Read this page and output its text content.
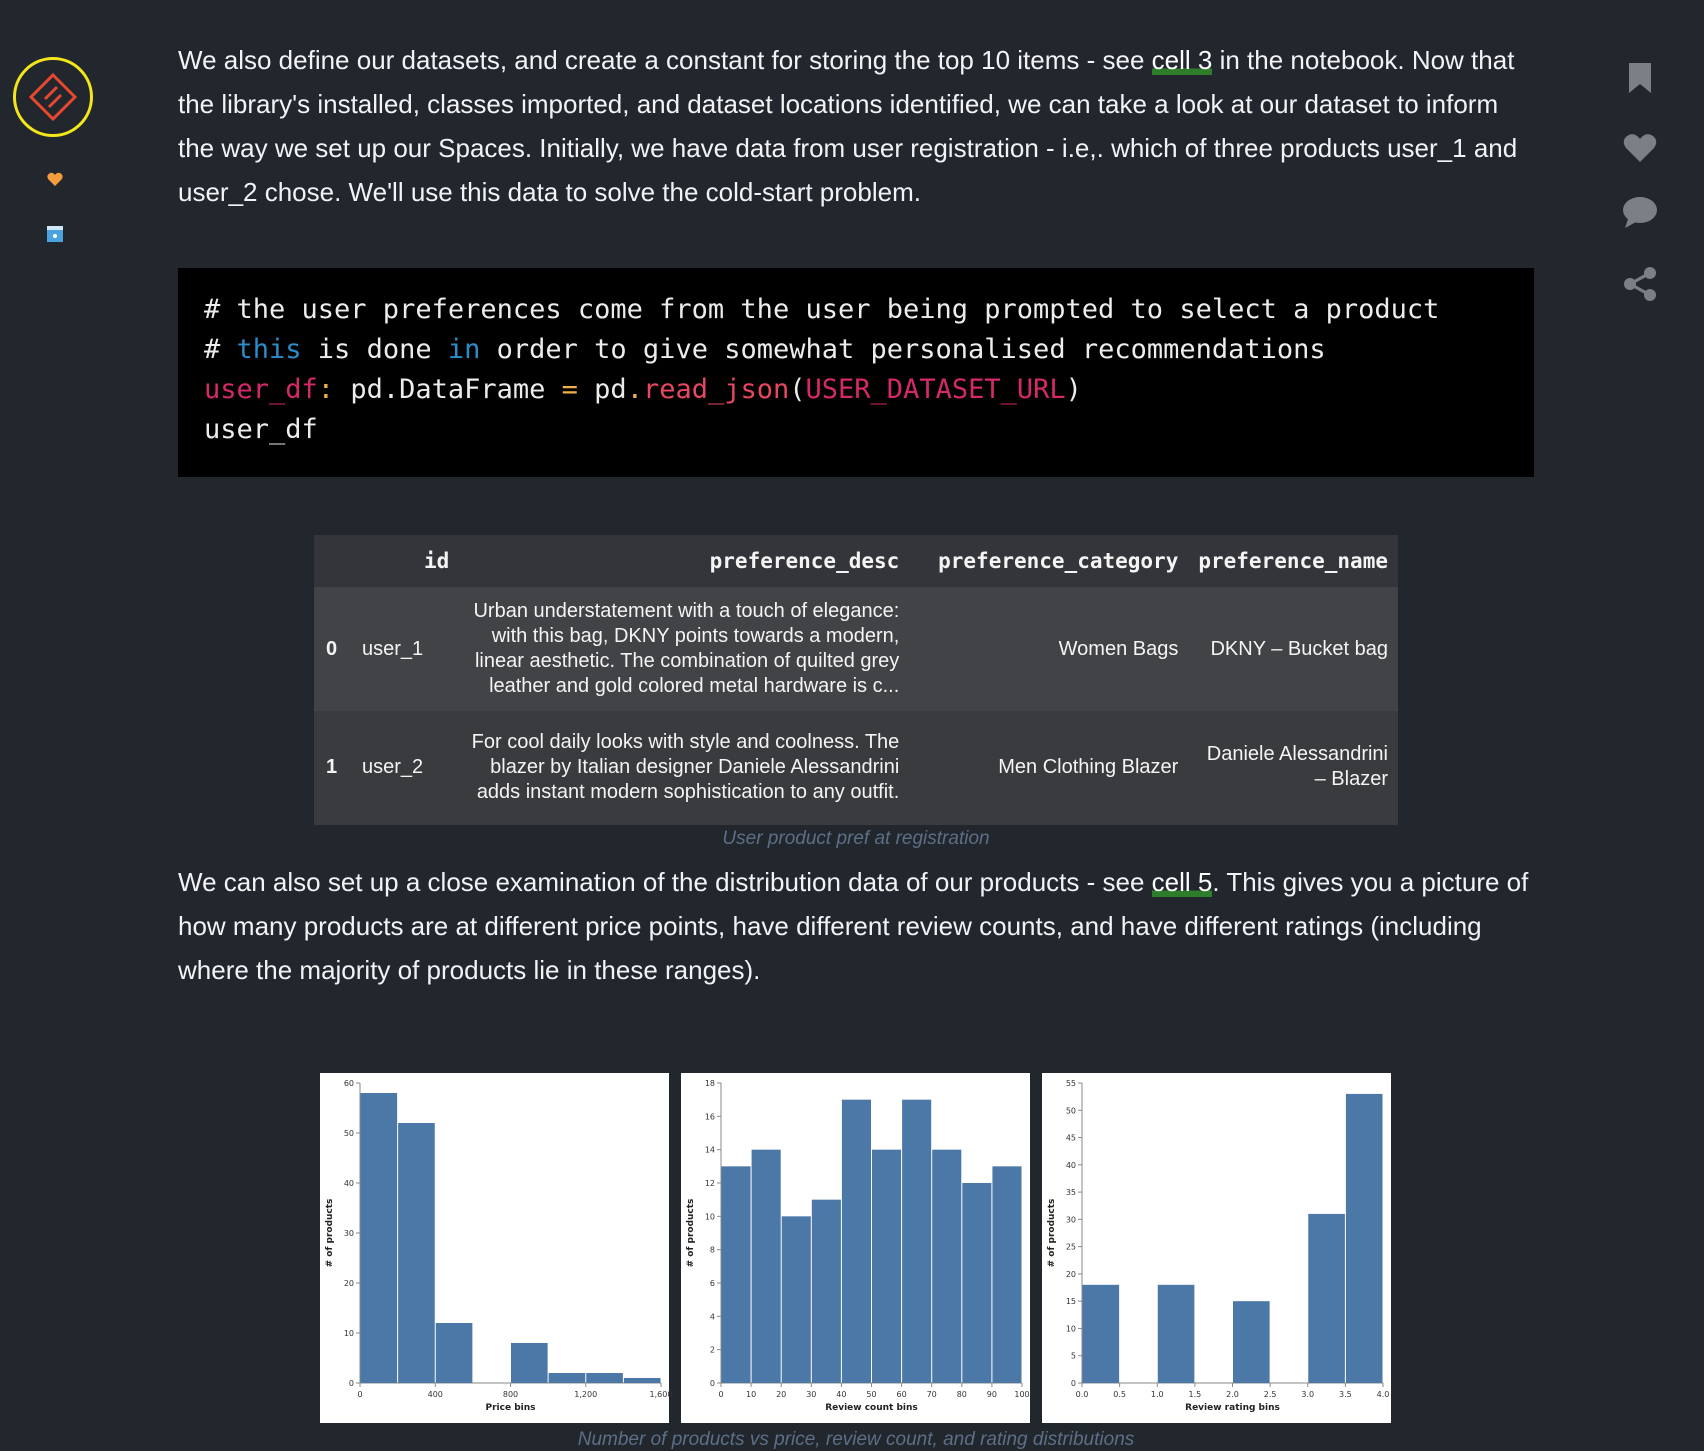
We also define our datasets, and create a constant for storing the top 10 items - see cell 3 in the notebook. Now that the library's installed, classes imported, and dataset locations identified, we can take a look at our dataset to inform the way we set up our Spaces. Initially, we have data from user registration - i.e,. which of three products user_1 and user_2 chose. We'll use this data to solve the cold-start problem.

# the user preferences come from the user being prompted to select a product
# this is done in order to give somewhat personalised recommendations
user_df: pd.DataFrame = pd.read_json(USER_DATASET_URL)
user_df
	id	preference_desc	preference_category	preference_name
0	user_1	Urban understatement with a touch of elegance: with this bag, DKNY points towards a modern, linear aesthetic. The combination of quilted grey leather and gold colored metal hardware is c...	Women Bags	DKNY – Bucket bag
1	user_2	For cool daily looks with style and coolness. The blazer by Italian designer Daniele Alessandrini adds instant modern sophistication to any outfit.	Men Clothing Blazer	Daniele Alessandrini – Blazer
User product pref at registration

We can also set up a close examination of the distribution data of our products - see cell 5. This gives you a picture of how many products are at different price points, have different review counts, and have different ratings (including where the majority of products lie in these ranges).

0
10
20
30
40
50
60
0	400	800	1,200	1,600
Price bins
# of products
0
2
4
6
8
10
12
14
16
18
0	10 20 30 40 50 60 70 80 90 100
Review count bins
# of products
0
5
10
15
20
25
30
35
40
45
50
55
0.0	0.5	1.0	1.5	2.0	2.5	3.0	3.5	4.0
Review rating bins
# of products
Number of products vs price, review count, and rating distributions
